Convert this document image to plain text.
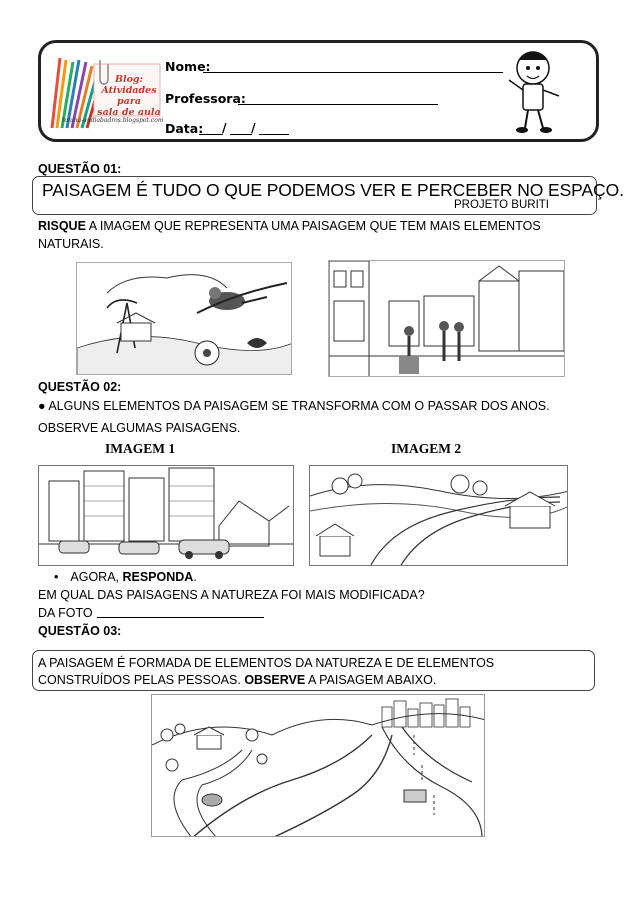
Blog:
Atividades para
sala de aula
toluna-andiabadros.blogspot.com
Nome:
Professora:
Data: / /
QUESTÃO 01:
PAISAGEM É TUDO O QUE PODEMOS VER E PERCEBER NO ESPAÇO.
PROJETO BURITI
RISQUE A IMAGEM QUE REPRESENTA UMA PAISAGEM QUE TEM MAIS ELEMENTOS
NATURAIS.
QUESTÃO 02:
● ALGUNS ELEMENTOS DA PAISAGEM SE TRANSFORMA COM O PASSAR DOS ANOS.
OBSERVE ALGUMAS PAISAGENS.
IMAGEM 1	IMAGEM 2
• AGORA, RESPONDA.
EM QUAL DAS PAISAGENS A NATUREZA FOI MAIS MODIFICADA?
DA FOTO
QUESTÃO 03:
A PAISAGEM É FORMADA DE ELEMENTOS DA NATUREZA E DE ELEMENTOS
CONSTRUÍDOS PELAS PESSOAS. OBSERVE A PAISAGEM ABAIXO.
